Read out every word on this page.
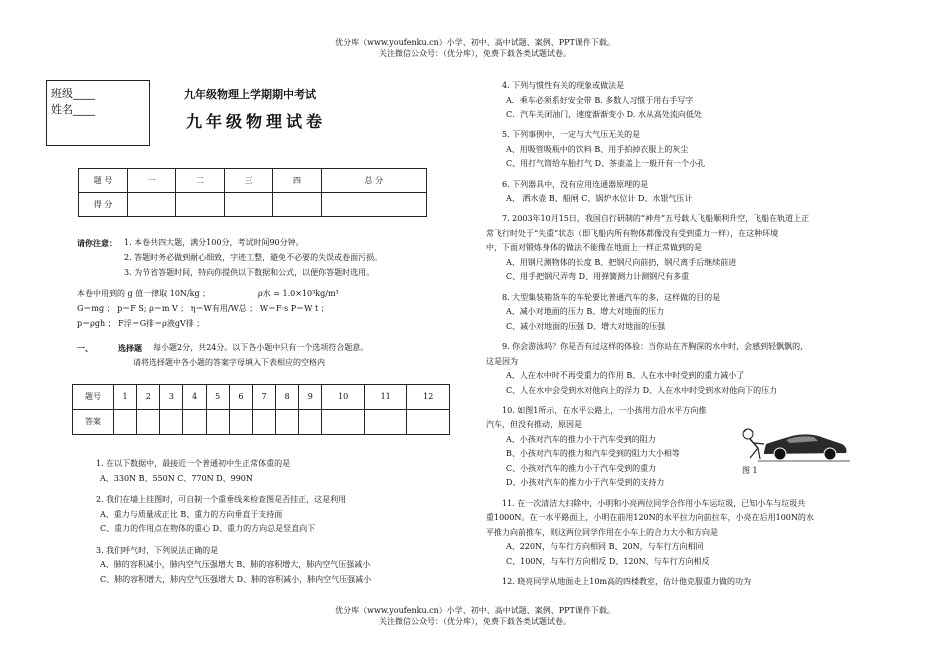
优分库（www.youfenku.cn）小学、初中、高中试题、案例、PPT课件下载。
关注微信公众号：（优分库），免费下载各类试题试卷。
班级____
姓名____
九年级物理上学期期中考试
九年级物理试卷
题 号	一	二	三	四	总 分
得 分					
请你注意： 1. 本卷共四大题，满分100分，考试时间90分钟。
2. 答题时务必做到耐心细致，字迹工整，避免不必要的失误或卷面污损。
3. 为节省答题时间，特向你提供以下数据和公式，以便你答题时选用。
本卷中用到的 g 值一律取 10N/kg ；	ρ水 = 1.0×10³kg/m³
G＝mg ； p＝F S; ρ＝m V ； η＝W有用/W总 ； W＝F·s P＝W t ；
p＝ρgh ； F浮＝G排＝ρ液gV排 ；
一、	选择题 每小题2分，共24分。以下各小题中只有一个选项符合题意。
请将选择题中各小题的答案字母填入下表相应的空格内
题号	1	2	3	4	5	6	7	8	9	10	11	12
答案												
1. 在以下数据中，最接近一个普通初中生正常体重的是
A、330N B、550N C、770N D、990N
2. 我们在墙上挂图时，可自制一个重垂线来检查图是否挂正，这是利用
A、重力与质量成正比 B、重力的方向垂直于支持面
C、重力的作用点在物体的重心 D、重力的方向总是竖直向下
3. 我们呼气时，下列说法正确的是
A、肺的容积减小，肺内空气压强增大 B、肺的容积增大，肺内空气压强减小
C、肺的容积增大，肺内空气压强增大 D、肺的容积减小，肺内空气压强减小
4. 下列与惯性有关的现象或做法是
A．乘车必须系好安全带 B. 多数人习惯于用右手写字
C．汽车关闭油门，速度渐渐变小 D. 水从高处流向低处
5. 下列事例中，一定与大气压无关的是
A、用吸管吸瓶中的饮料 B、用手拍掉衣服上的灰尘
C、用打气筒给车胎打气 D、茶壶盖上一般开有一个小孔
6. 下列器具中，没有应用连通器原理的是
A、 洒水壶 B、船闸 C、锅炉水位计 D、水银气压计
7. 2003年10月15日，我国自行研制的“神舟”五号载人飞船顺利升空，飞船在轨道上正
常飞行时处于“失重”状态（即飞船内所有物体都像没有受到重力一样），在这种环境
中，下面对锻炼身体的做法不能像在地面上一样正常做到的是
A、用钢尺测物体的长度 B、把钢尺向前扔，钢尺离手后继续前进
C、用手把钢尺弄弯 D、用弹簧测力计测钢尺有多重
8. 大型集装箱货车的车轮要比普通汽车的多，这样做的目的是
A、减小对地面的压力 B、增大对地面的压力
C、减小对地面的压强 D、增大对地面的压强
9. 你会游泳吗？你是否有过这样的体验：当你站在齐胸深的水中时，会感到轻飘飘的，
这是因为
A、人在水中时不再受重力的作用 B、人在水中时受到的重力减小了
C、人在水中会受到水对他向上的浮力 D、人在水中时受到水对他向下的压力
10. 如图1所示，在水平公路上，一小孩用力沿水平方向推
汽车，但没有推动，原因是
A、小孩对汽车的推力小于汽车受到的阻力
B、小孩对汽车的推力和汽车受到的阻力大小相等
C、小孩对汽车的推力小于汽车受到的重力
D、小孩对汽车的推力小于汽车受到的支持力
11. 在一次清洁大扫除中，小明和小亮两位同学合作用小车运垃圾，已知小车与垃圾共
重1000N。在一水平路面上，小明在前用120N的水平拉力向前拉车，小亮在后用100N的水
平推力向前推车，则这两位同学作用在小车上的合力大小和方向是
A、220N，与车行方向相同 B、20N，与车行方向相同
C、100N，与车行方向相反 D、120N，与车行方向相反
12. 晓亮同学从地面走上10m高的四楼教室，估计他克服重力做的功为
图 1
优分库（www.youfenku.cn）小学、初中、高中试题、案例、PPT课件下载。
关注微信公众号：（优分库），免费下载各类试题试卷。
